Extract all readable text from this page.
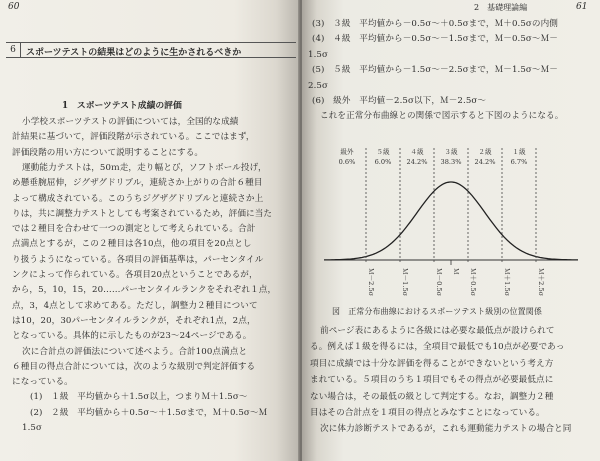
60
6	スポーツテストの結果はどのように生かされるべきか
1　スポーツテスト成績の評価
小学校スポーツテストの評価については，全国的な成績
計結果に基づいて，評価段階が示されている。ここではまず，
評価段階の用い方について説明することにする。
運動能力テストは，50ｍ走，走り幅とび，ソフトボール投げ，
め懸垂腕屈伸，ジグザグドリブル，連続さか上がりの合計６種目
よって構成されている。このうちジグザグドリブルと連続さか上
りは，共に調整力テストとしても考案されているため，評価に当た
では２種目を合わせて一つの測定として考えられている。合計
点満点とするが，この２種目は各10点，他の項目を20点とし
り扱うようになっている。各項目の評価基準は，パーセンタイル
ンクによって作られている。各項目20点ということであるが，
から，5，10，15，20……パーセンタイルランクをそれぞれ１点，
点，3，4点として求めてある。ただし，調整力２種目について
は10，20，30パーセンタイルランクが，それぞれ1点，2点，
となっている。具体的に示したものが23～24ページである。
次に合計点の評価法について述べよう。合計100点満点と
６種目の得点合計については，次のような級別で判定評価する
になっている。
(1)　１級　平均値から＋1.5σ以上，つまりＭ＋1.5σ〜
(2)　２級　平均値から＋0.5σ〜＋1.5σまで，Ｍ＋0.5σ〜Ｍ
1.5σ
2　基礎理論編	61
(3)　３級　平均値から－0.5σ〜＋0.5σまで，Ｍ＋0.5σの内側
(4)　４級　平均値から－0.5σ〜－1.5σまで，Ｍ－0.5σ〜Ｍ－
1.5σ
(5)　５級　平均値から－1.5σ〜－2.5σまで，Ｍ－1.5σ〜Ｍ－
2.5σ
(6)　級外　平均値－2.5σ以下，Ｍ－2.5σ〜
これを正常分布曲線との関係で図示すると下図のようになる。
級外
0.6%
５級
6.0%
４級
24.2%
３級
38.3%
２級
24.2%
１級
6.7%
Ｍ－2.5σ	Ｍ－1.5σ	Ｍ－0.5σ Ｍ Ｍ＋0.5σ	Ｍ＋1.5σ	Ｍ＋2.5σ
図　正常分布曲線におけるスポーツテスト級別の位置関係
前ページ表にあるように各級には必要な最低点が設けられて
る。例えば１級を得るには，全項目で最低でも10点が必要であっ
項目に成績では十分な評価を得ることができないという考え方
まれている。５項目のうち１項目でもその得点が必要最低点に
ない場合は，その最低の級として判定する。なお，調整力２種
目はその合計点を１項目の得点とみなすことになっている。
次に体力診断テストであるが，これも運動能力テストの場合と同
